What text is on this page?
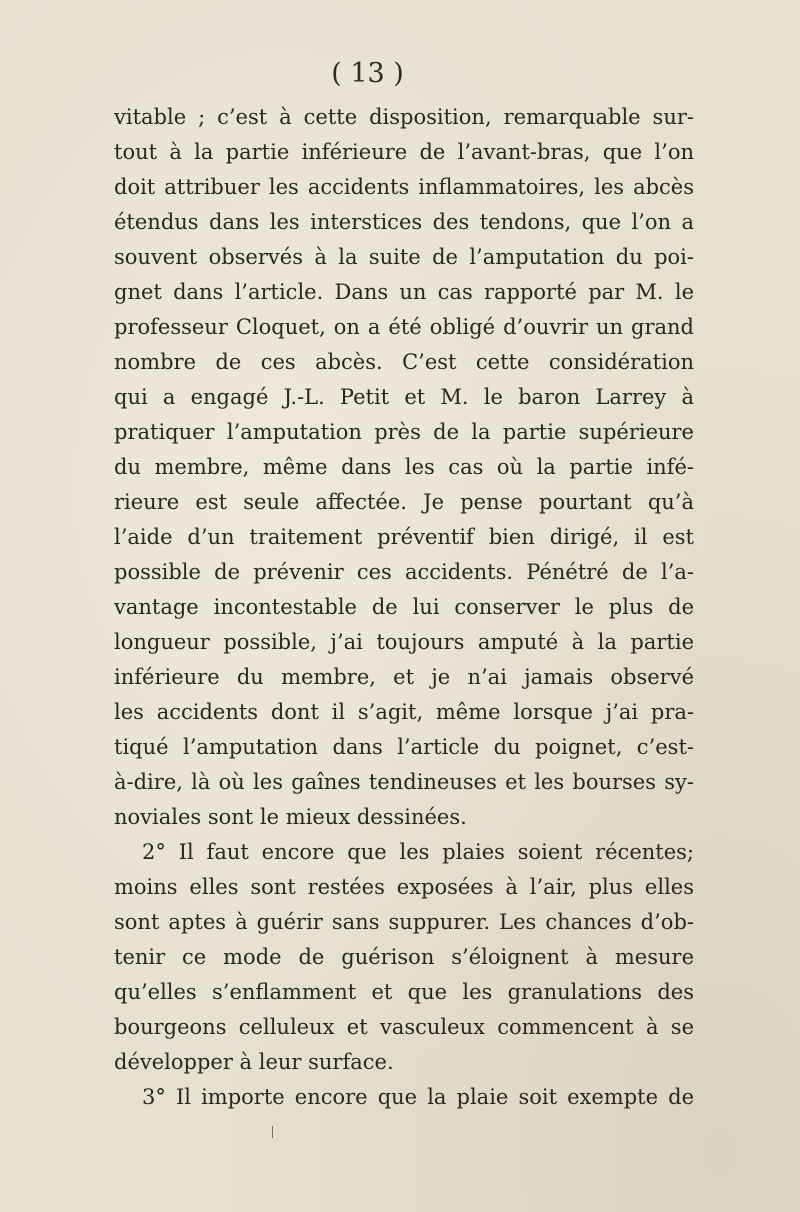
( 13 )
vitable ; c’est à cette disposition, remarquable sur-
tout à la partie inférieure de l’avant-bras, que l’on
doit attribuer les accidents inflammatoires, les abcès
étendus dans les interstices des tendons, que l’on a
souvent observés à la suite de l’amputation du poi-
gnet dans l’article. Dans un cas rapporté par M. le
professeur Cloquet, on a été obligé d’ouvrir un grand
nombre de ces abcès. C’est cette considération
qui a engagé J.-L. Petit et M. le baron Larrey à
pratiquer l’amputation près de la partie supérieure
du membre, même dans les cas où la partie infé-
rieure est seule affectée. Je pense pourtant qu’à
l’aide d’un traitement préventif bien dirigé, il est
possible de prévenir ces accidents. Pénétré de l’a-
vantage incontestable de lui conserver le plus de
longueur possible, j’ai toujours amputé à la partie
inférieure du membre, et je n’ai jamais observé
les accidents dont il s’agit, même lorsque j’ai pra-
tiqué l’amputation dans l’article du poignet, c’est-
à-dire, là où les gaînes tendineuses et les bourses sy-
noviales sont le mieux dessinées.
2° Il faut encore que les plaies soient récentes;
moins elles sont restées exposées à l’air, plus elles
sont aptes à guérir sans suppurer. Les chances d’ob-
tenir ce mode de guérison s’éloignent à mesure
qu’elles s’enflamment et que les granulations des
bourgeons celluleux et vasculeux commencent à se
développer à leur surface.
3° Il importe encore que la plaie soit exempte de
